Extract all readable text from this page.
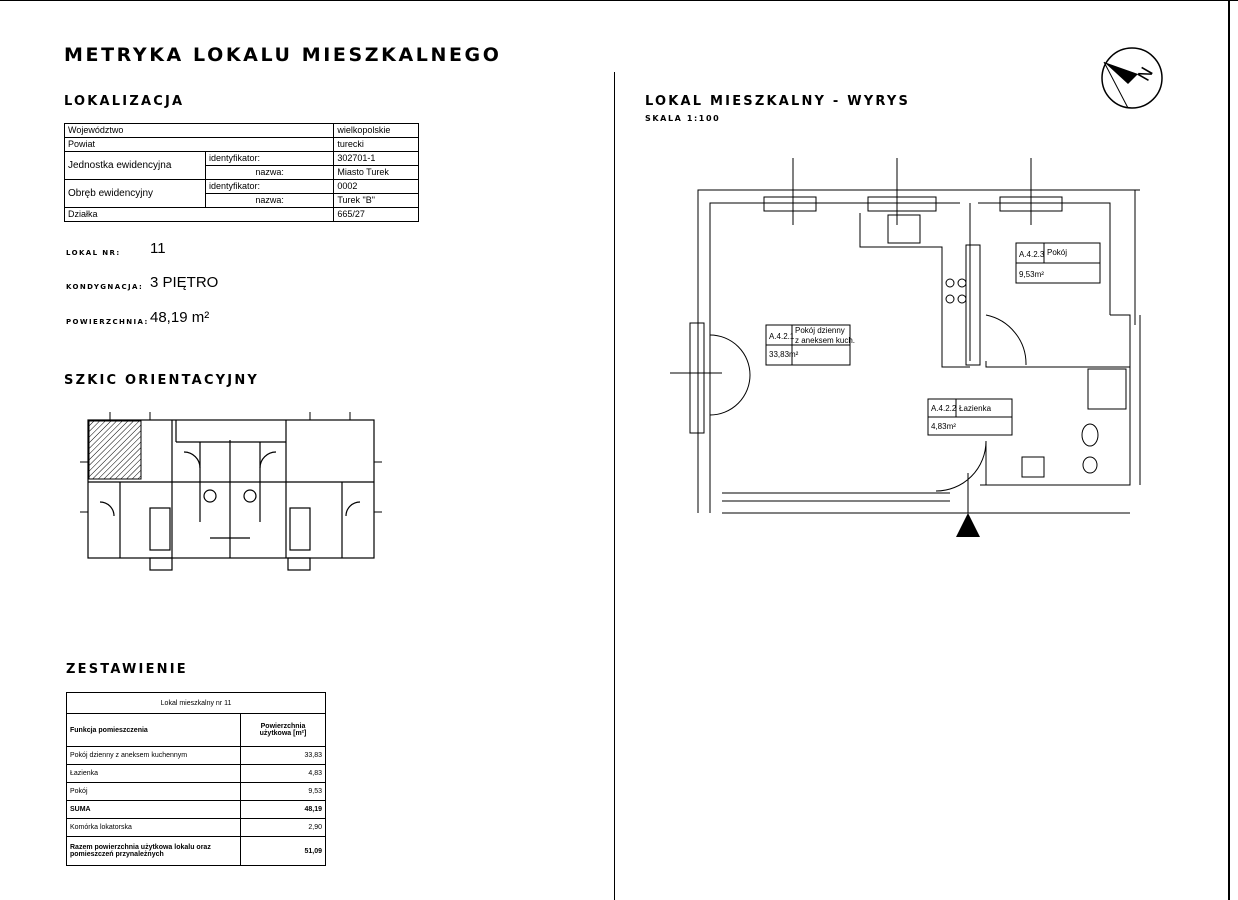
METRYKA LOKALU MIESZKALNEGO
LOKALIZACJA
Województwo		wielkopolskie
Powiat		turecki
Jednostka ewidencyjna	identyfikator:	302701-1
	nazwa:	Miasto Turek
Obręb ewidencyjny	identyfikator:	0002
	nazwa:	Turek "B"
Działka		665/27
LOKAL NR: 11
KONDYGNACJA: 3 PIĘTRO
POWIERZCHNIA: 48,19 m²
SZKIC ORIENTACYJNY
ZESTAWIENIE
Lokal mieszkalny nr 11	
Funkcja pomieszczenia	Powierzchnia użytkowa [m²]
Pokój dzienny z aneksem kuchennym	33,83
Łazienka	4,83
Pokój	9,53
SUMA	48,19
Komórka lokatorska	2,90
Razem powierzchnia użytkowa lokalu oraz pomieszczeń przynależnych	51,09
LOKAL MIESZKALNY - WYRYS
SKALA 1:100
N
A.4.2.1
Pokój dzienny
z aneksem kuch.
33,83m²
A.4.2.2 Łazienka
4,83m²
A.4.2.3 Pokój
9,53m²
